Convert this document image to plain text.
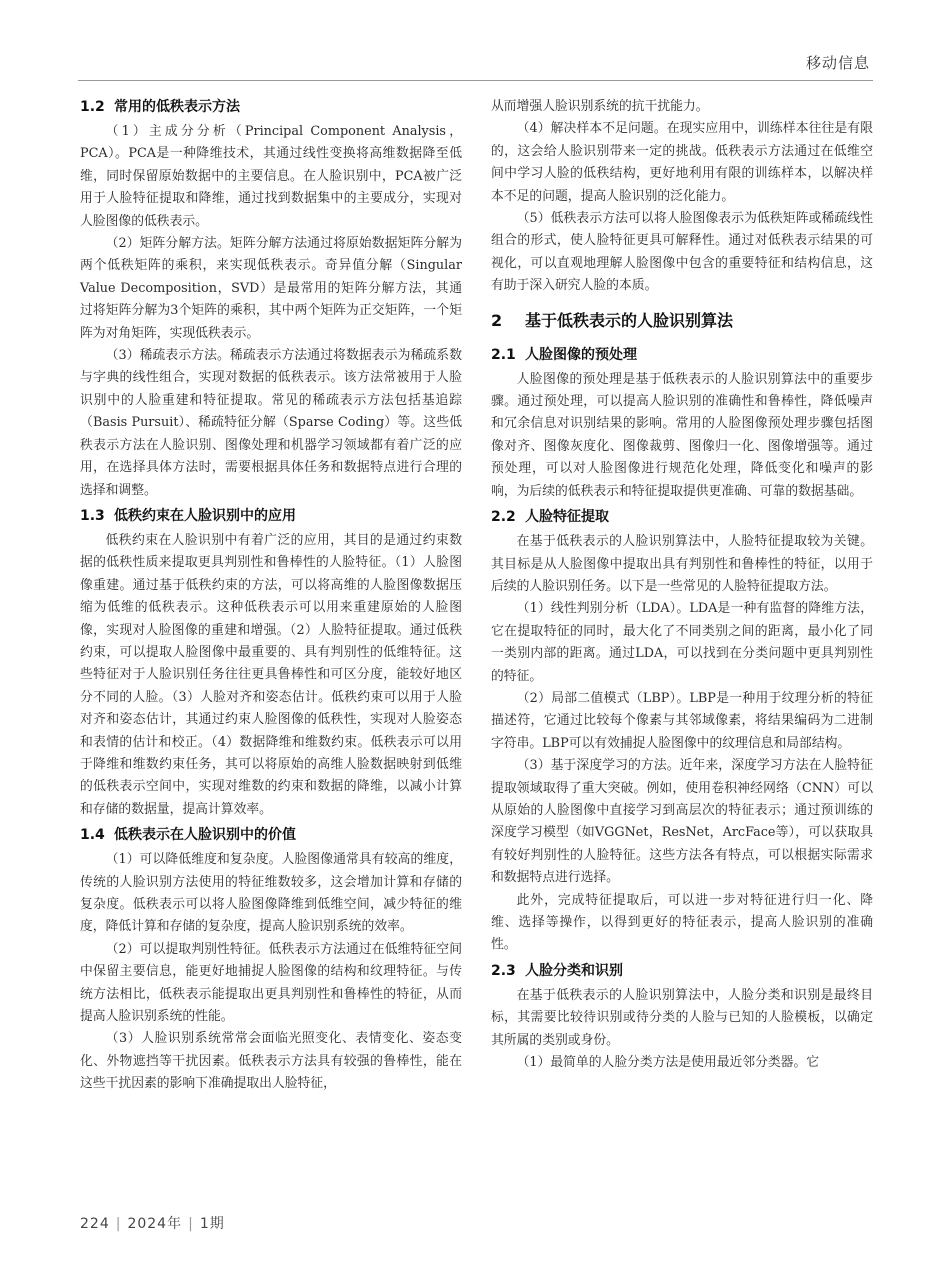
移动信息
1.2 常用的低秩表示方法

（1）主成分分析（Principal Component Analysis，PCA）。PCA是一种降维技术，其通过线性变换将高维数据降至低维，同时保留原始数据中的主要信息。在人脸识别中，PCA被广泛用于人脸特征提取和降维，通过找到数据集中的主要成分，实现对人脸图像的低秩表示。

（2）矩阵分解方法。矩阵分解方法通过将原始数据矩阵分解为两个低秩矩阵的乘积，来实现低秩表示。奇异值分解（Singular Value Decomposition，SVD）是最常用的矩阵分解方法，其通过将矩阵分解为3个矩阵的乘积，其中两个矩阵为正交矩阵，一个矩阵为对角矩阵，实现低秩表示。

（3）稀疏表示方法。稀疏表示方法通过将数据表示为稀疏系数与字典的线性组合，实现对数据的低秩表示。该方法常被用于人脸识别中的人脸重建和特征提取。常见的稀疏表示方法包括基追踪（Basis Pursuit）、稀疏特征分解（Sparse Coding）等。这些低秩表示方法在人脸识别、图像处理和机器学习领域都有着广泛的应用，在选择具体方法时，需要根据具体任务和数据特点进行合理的选择和调整。

1.3 低秩约束在人脸识别中的应用

低秩约束在人脸识别中有着广泛的应用，其目的是通过约束数据的低秩性质来提取更具判别性和鲁棒性的人脸特征。（1）人脸图像重建。通过基于低秩约束的方法，可以将高维的人脸图像数据压缩为低维的低秩表示。这种低秩表示可以用来重建原始的人脸图像，实现对人脸图像的重建和增强。（2）人脸特征提取。通过低秩约束，可以提取人脸图像中最重要的、具有判别性的低维特征。这些特征对于人脸识别任务往往更具鲁棒性和可区分度，能较好地区分不同的人脸。（3）人脸对齐和姿态估计。低秩约束可以用于人脸对齐和姿态估计，其通过约束人脸图像的低秩性，实现对人脸姿态和表情的估计和校正。（4）数据降维和维数约束。低秩表示可以用于降维和维数约束任务，其可以将原始的高维人脸数据映射到低维的低秩表示空间中，实现对维数的约束和数据的降维，以减小计算和存储的数据量，提高计算效率。

1.4 低秩表示在人脸识别中的价值

（1）可以降低维度和复杂度。人脸图像通常具有较高的维度，传统的人脸识别方法使用的特征维数较多，这会增加计算和存储的复杂度。低秩表示可以将人脸图像降维到低维空间，减少特征的维度，降低计算和存储的复杂度，提高人脸识别系统的效率。

（2）可以提取判别性特征。低秩表示方法通过在低维特征空间中保留主要信息，能更好地捕捉人脸图像的结构和纹理特征。与传统方法相比，低秩表示能提取出更具判别性和鲁棒性的特征，从而提高人脸识别系统的性能。

（3）人脸识别系统常常会面临光照变化、表情变化、姿态变化、外物遮挡等干扰因素。低秩表示方法具有较强的鲁棒性，能在这些干扰因素的影响下准确提取出人脸特征，

从而增强人脸识别系统的抗干扰能力。

（4）解决样本不足问题。在现实应用中，训练样本往往是有限的，这会给人脸识别带来一定的挑战。低秩表示方法通过在低维空间中学习人脸的低秩结构，更好地利用有限的训练样本，以解决样本不足的问题，提高人脸识别的泛化能力。

（5）低秩表示方法可以将人脸图像表示为低秩矩阵或稀疏线性组合的形式，使人脸特征更具可解释性。通过对低秩表示结果的可视化，可以直观地理解人脸图像中包含的重要特征和结构信息，这有助于深入研究人脸的本质。

2 基于低秩表示的人脸识别算法
2.1 人脸图像的预处理

人脸图像的预处理是基于低秩表示的人脸识别算法中的重要步骤。通过预处理，可以提高人脸识别的准确性和鲁棒性，降低噪声和冗余信息对识别结果的影响。常用的人脸图像预处理步骤包括图像对齐、图像灰度化、图像裁剪、图像归一化、图像增强等。通过预处理，可以对人脸图像进行规范化处理，降低变化和噪声的影响，为后续的低秩表示和特征提取提供更准确、可靠的数据基础。

2.2 人脸特征提取

在基于低秩表示的人脸识别算法中，人脸特征提取较为关键。其目标是从人脸图像中提取出具有判别性和鲁棒性的特征，以用于后续的人脸识别任务。以下是一些常见的人脸特征提取方法。

（1）线性判别分析（LDA）。LDA是一种有监督的降维方法，它在提取特征的同时，最大化了不同类别之间的距离，最小化了同一类别内部的距离。通过LDA，可以找到在分类问题中更具判别性的特征。

（2）局部二值模式（LBP）。LBP是一种用于纹理分析的特征描述符，它通过比较每个像素与其邻域像素，将结果编码为二进制字符串。LBP可以有效捕捉人脸图像中的纹理信息和局部结构。

（3）基于深度学习的方法。近年来，深度学习方法在人脸特征提取领域取得了重大突破。例如，使用卷积神经网络（CNN）可以从原始的人脸图像中直接学习到高层次的特征表示；通过预训练的深度学习模型（如VGGNet，ResNet，ArcFace等），可以获取具有较好判别性的人脸特征。这些方法各有特点，可以根据实际需求和数据特点进行选择。

此外，完成特征提取后，可以进一步对特征进行归一化、降维、选择等操作，以得到更好的特征表示，提高人脸识别的准确性。

2.3 人脸分类和识别

在基于低秩表示的人脸识别算法中，人脸分类和识别是最终目标，其需要比较待识别或待分类的人脸与已知的人脸模板，以确定其所属的类别或身份。

（1）最简单的人脸分类方法是使用最近邻分类器。它

224 | 2024年 | 1期
